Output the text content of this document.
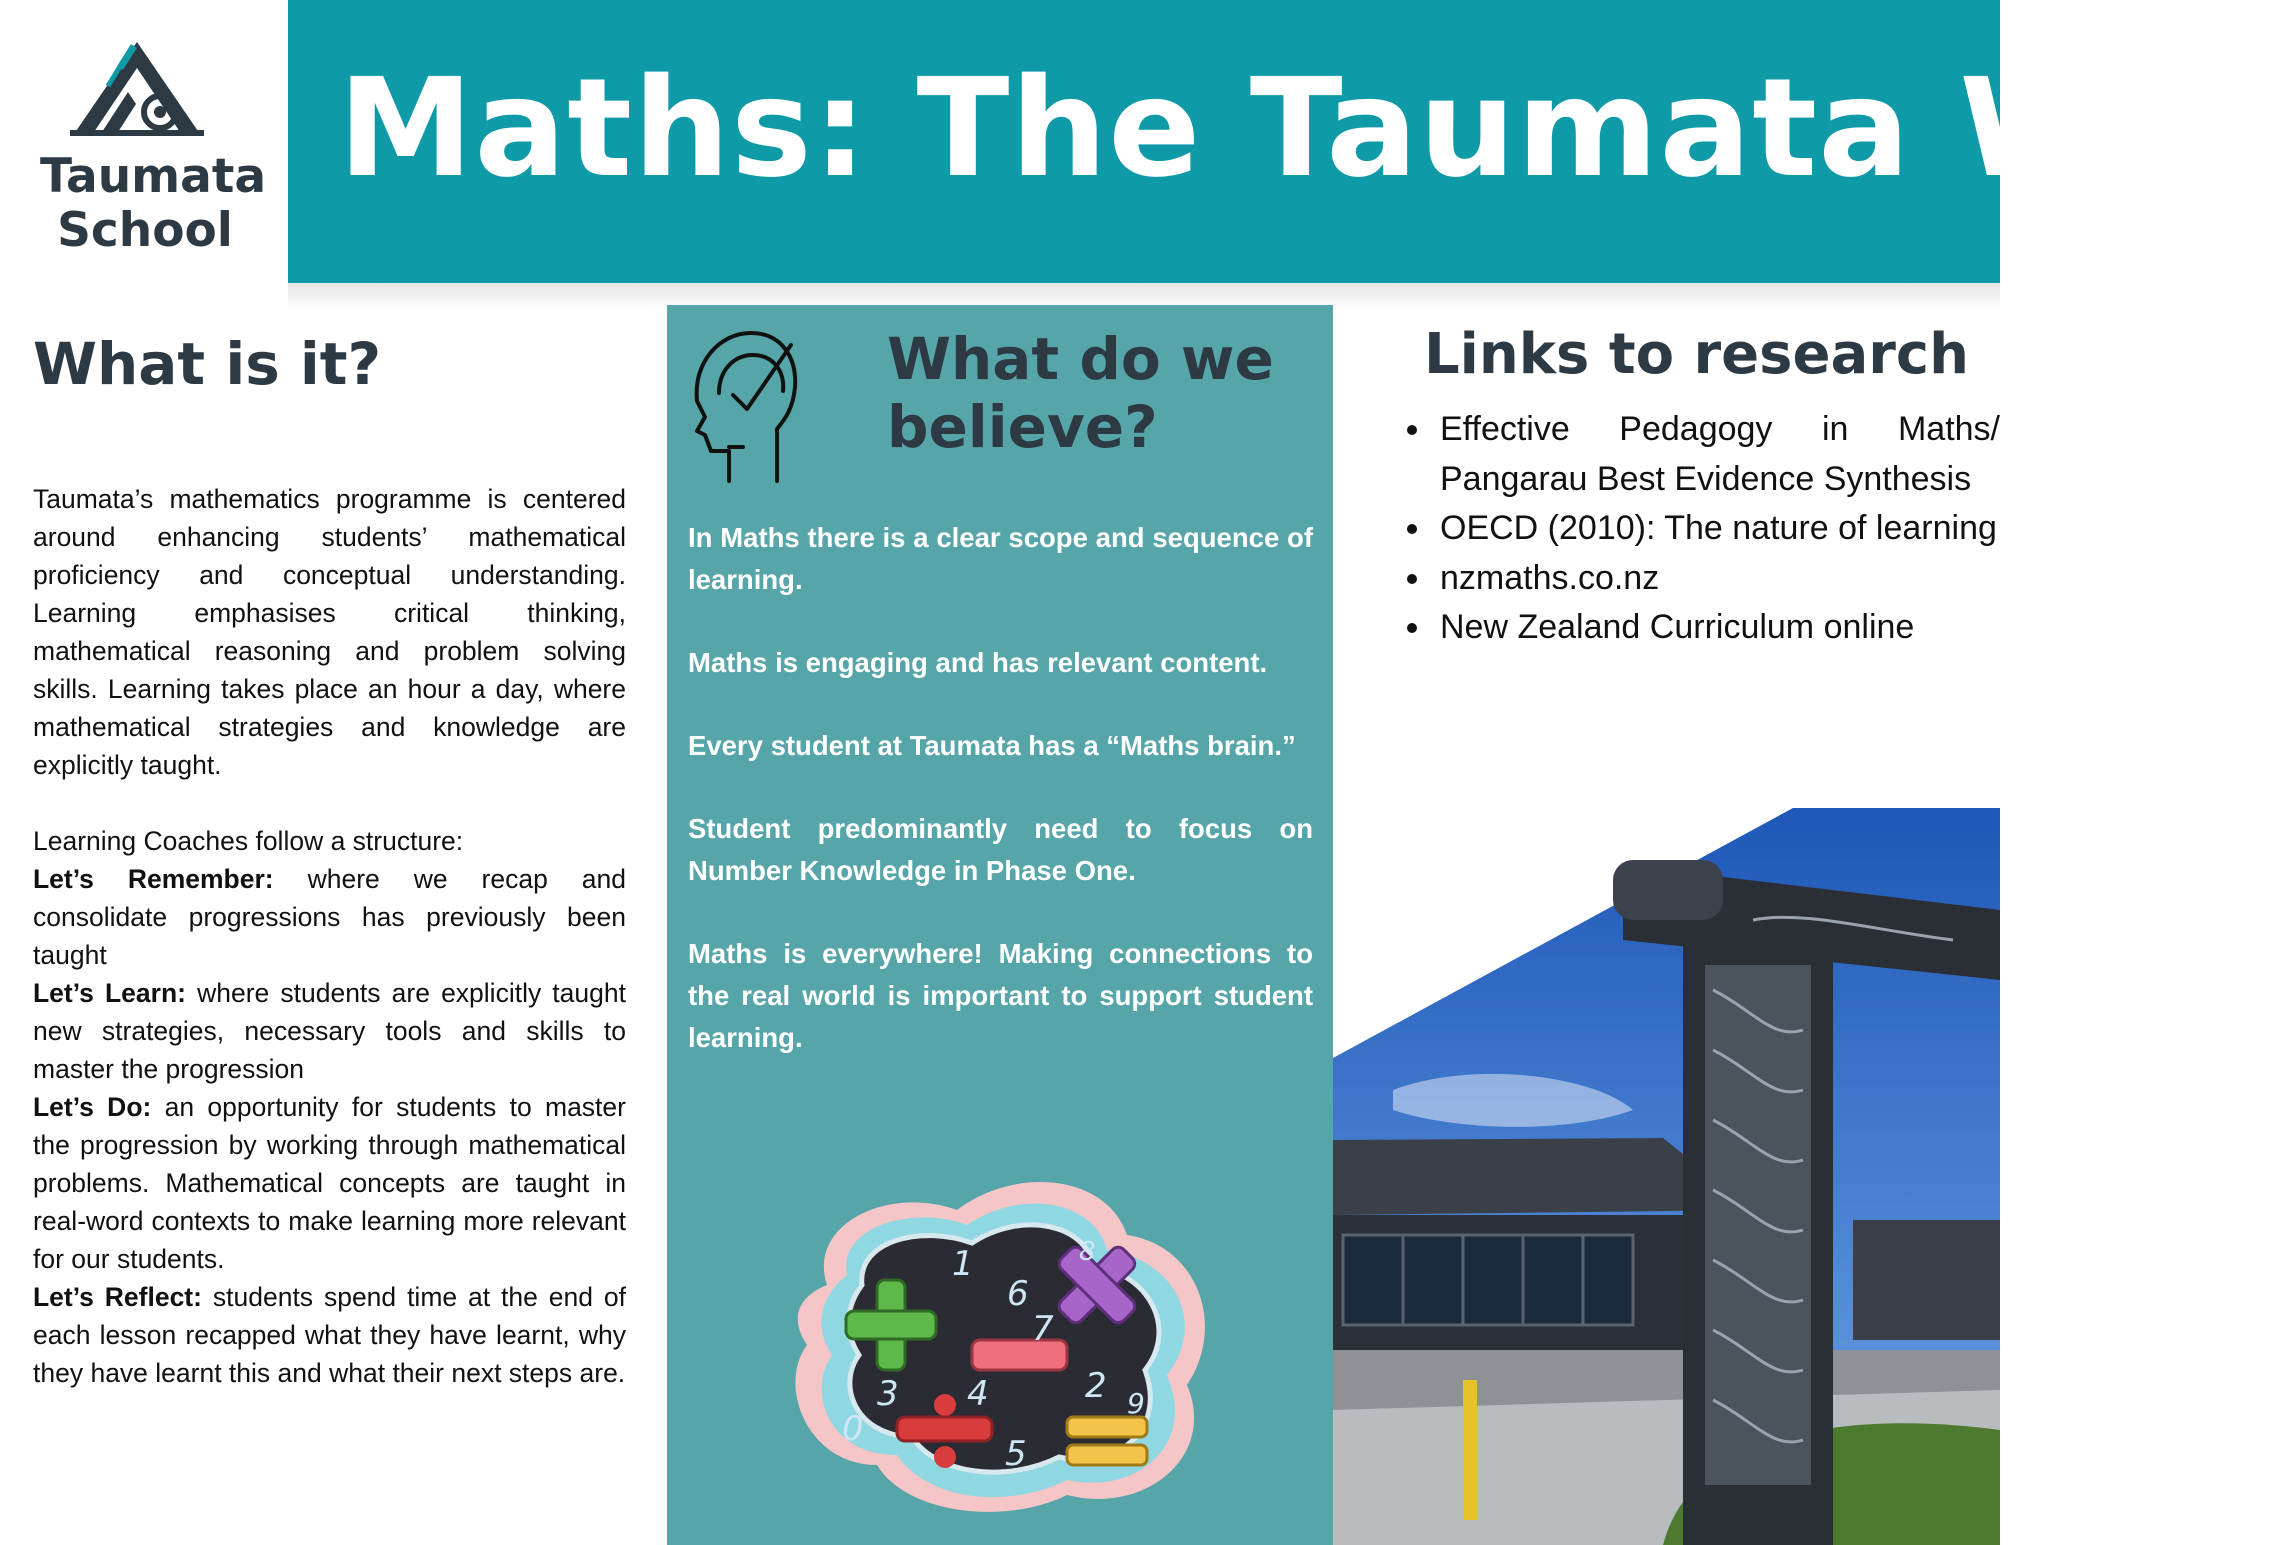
Taumata School
Maths: The Taumata Way
What is it?

Taumata’s mathematics programme is centered around enhancing students’ mathematical proficiency and conceptual understanding. Learning emphasises critical thinking, mathematical reasoning and problem solving skills. Learning takes place an hour a day, where mathematical strategies and knowledge are explicitly taught.

Learning Coaches follow a structure:

Let’s Remember: where we recap and consolidate progressions has previously been taught

Let’s Learn: where students are explicitly taught new strategies, necessary tools and skills to master the progression

Let’s Do: an opportunity for students to master the progression by working through mathematical problems. Mathematical concepts are taught in real-word contexts to make learning more relevant for our students.

Let’s Reflect: students spend time at the end of each lesson recapped what they have learnt, why they have learnt this and what their next steps are.

What do we believe?

In Maths there is a clear scope and sequence of learning.

Maths is engaging and has relevant content.

Every student at Taumata has a “Maths brain.”

Student predominantly need to focus on Number Knowledge in Phase One.

Maths is everywhere! Making connections to the real world is important to support student learning.

1
6
8
7
3 4	2 9
0
5
Links to research
• Effective Pedagogy in Maths/ Pangarau Best Evidence Synthesis
• OECD (2010): The nature of learning
• nzmaths.co.nz
• New Zealand Curriculum online
